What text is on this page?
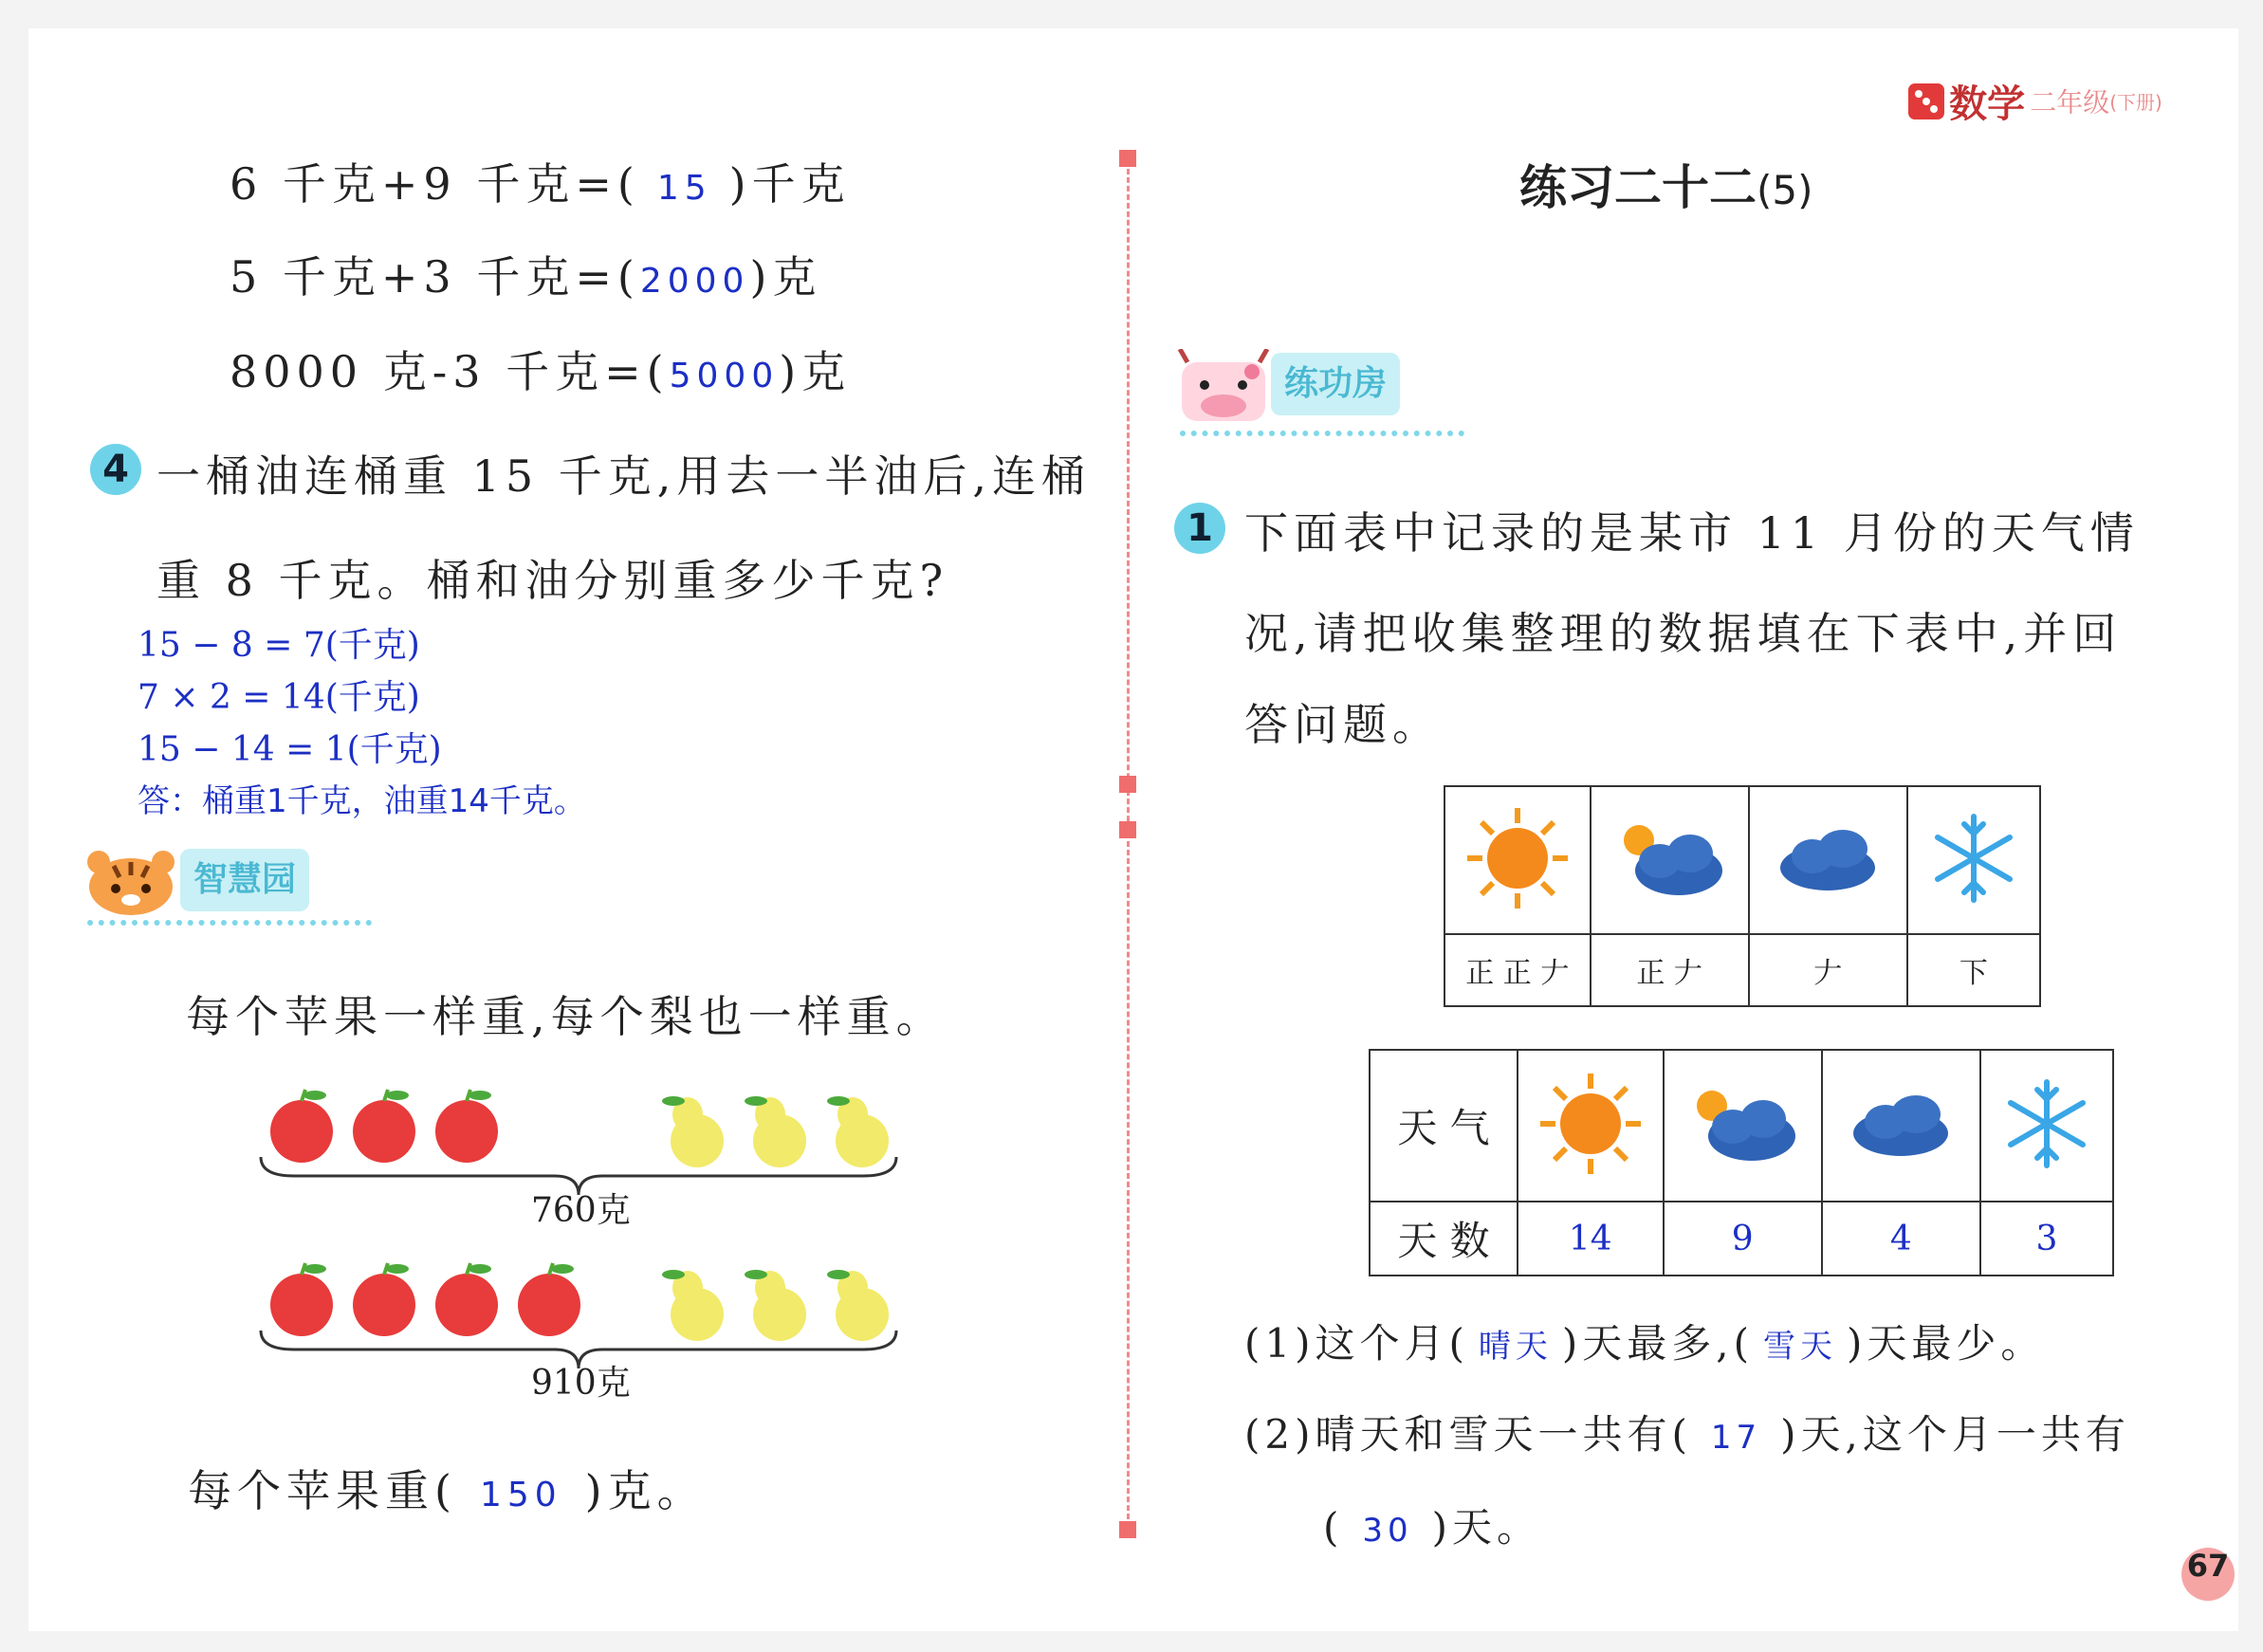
数学 二年级(下册)
6 千克+9 千克=( 15 )千克
5 千克+3 千克=(2000)克
8000 克-3 千克=(5000)克
4 一桶油连桶重 15 千克,用去一半油后,连桶
重 8 千克。桶和油分别重多少千克?
15 − 8 = 7(千克)
7 × 2 = 14(千克)
15 − 14 = 1(千克)
答：桶重1千克，油重14千克。
智慧园
每个苹果一样重,每个梨也一样重。
760克
910克
每个苹果重( 150 )克。
练习二十二(5)
练功房
1 下面表中记录的是某市 11 月份的天气情
况,请把收集整理的数据填在下表中,并回
答问题。

正 正 𠂇	正 𠂇	𠂇	下
天 气				
天 数	14	9	4	3
(1)这个月( 晴天 )天最多,( 雪天 )天最少。
(2)晴天和雪天一共有( 17 )天,这个月一共有
( 30 )天。
67
